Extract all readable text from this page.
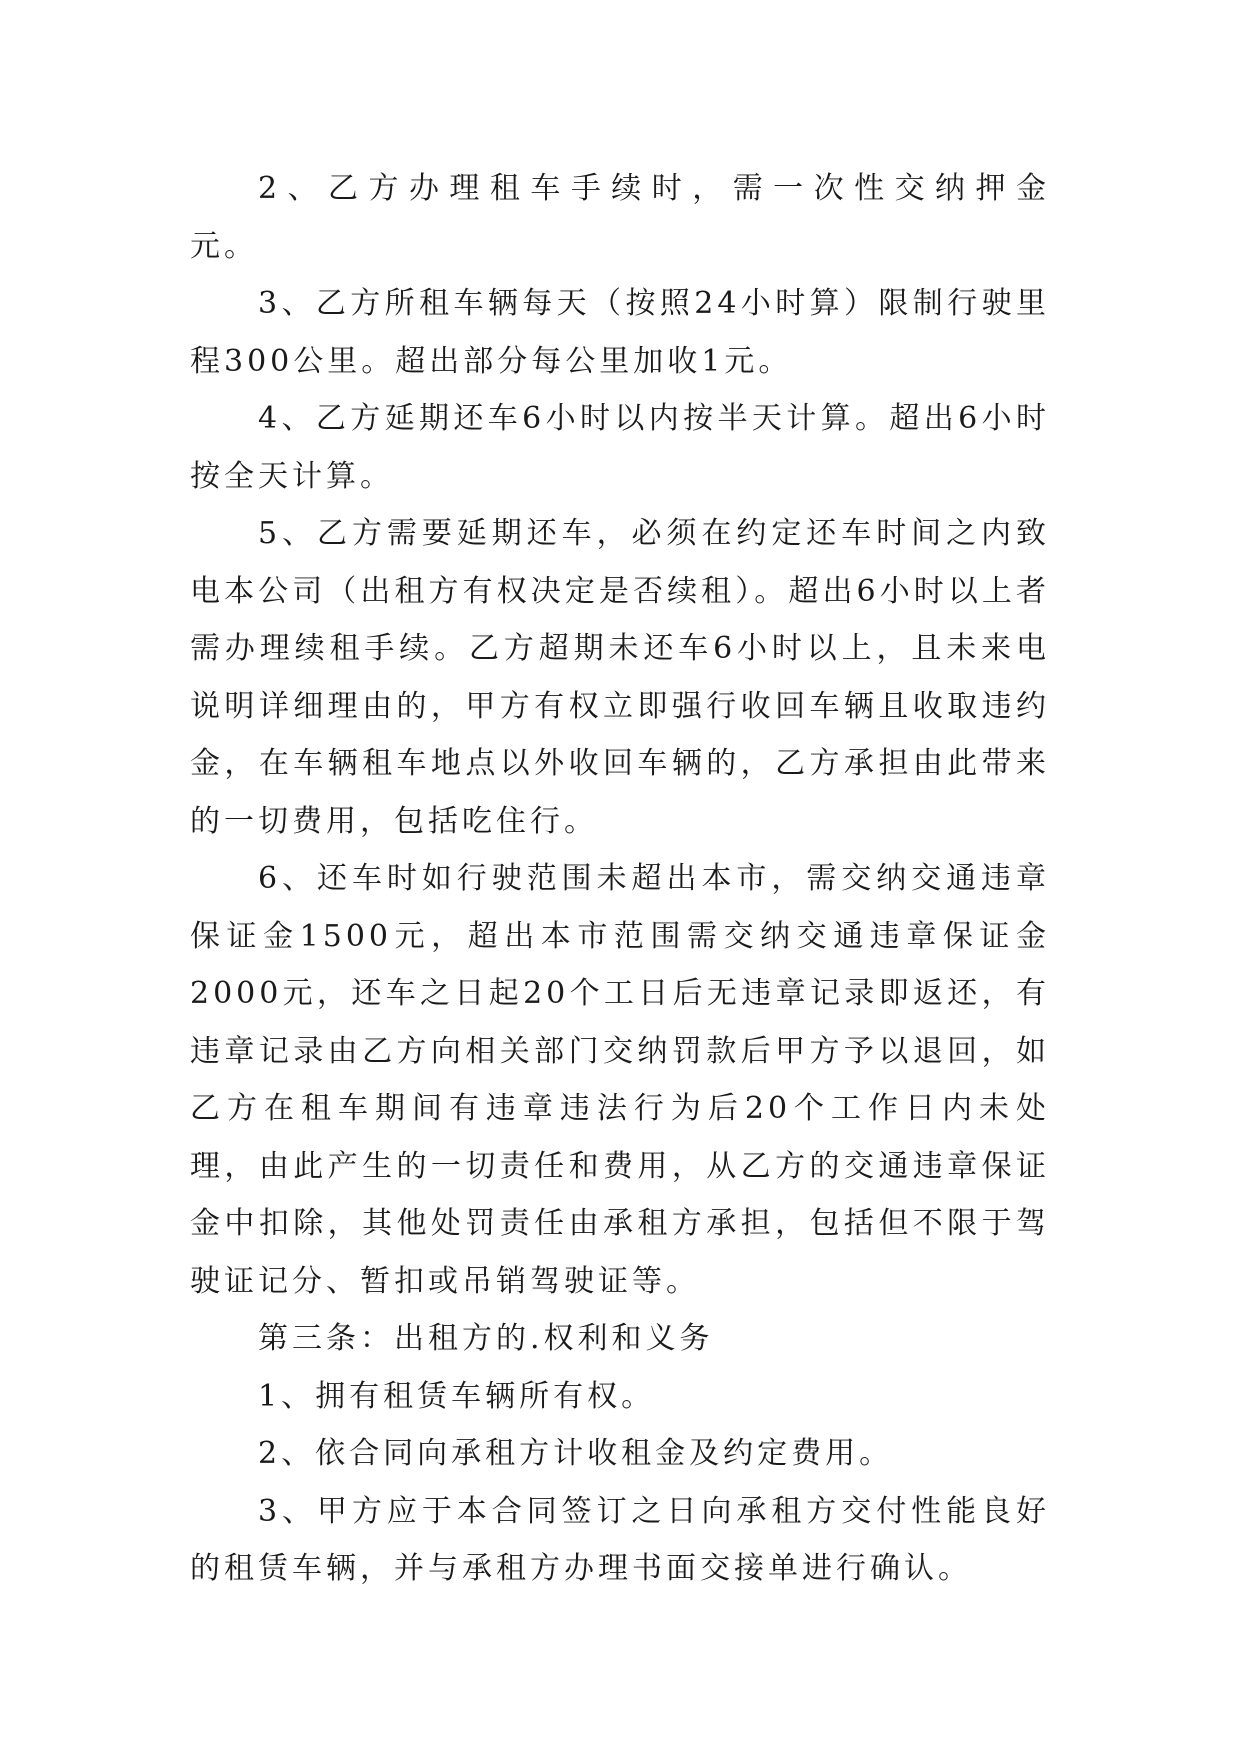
2、乙方办理租车手续时，需一次性交纳押金　　元。

3、乙方所租车辆每天（按照24小时算）限制行驶里程300公里。超出部分每公里加收1元。

4、乙方延期还车6小时以内按半天计算。超出6小时按全天计算。

5、乙方需要延期还车，必须在约定还车时间之内致电本公司（出租方有权决定是否续租）。超出6小时以上者需办理续租手续。乙方超期未还车6小时以上，且未来电说明详细理由的，甲方有权立即强行收回车辆且收取违约金，在车辆租车地点以外收回车辆的，乙方承担由此带来的一切费用，包括吃住行。

6、还车时如行驶范围未超出本市，需交纳交通违章保证金1500元，超出本市范围需交纳交通违章保证金2000元，还车之日起20个工日后无违章记录即返还，有违章记录由乙方向相关部门交纳罚款后甲方予以退回，如乙方在租车期间有违章违法行为后20个工作日内未处理，由此产生的一切责任和费用，从乙方的交通违章保证金中扣除，其他处罚责任由承租方承担，包括但不限于驾驶证记分、暂扣或吊销驾驶证等。

第三条：出租方的.权利和义务

1、拥有租赁车辆所有权。

2、依合同向承租方计收租金及约定费用。

3、甲方应于本合同签订之日向承租方交付性能良好的租赁车辆，并与承租方办理书面交接单进行确认。
